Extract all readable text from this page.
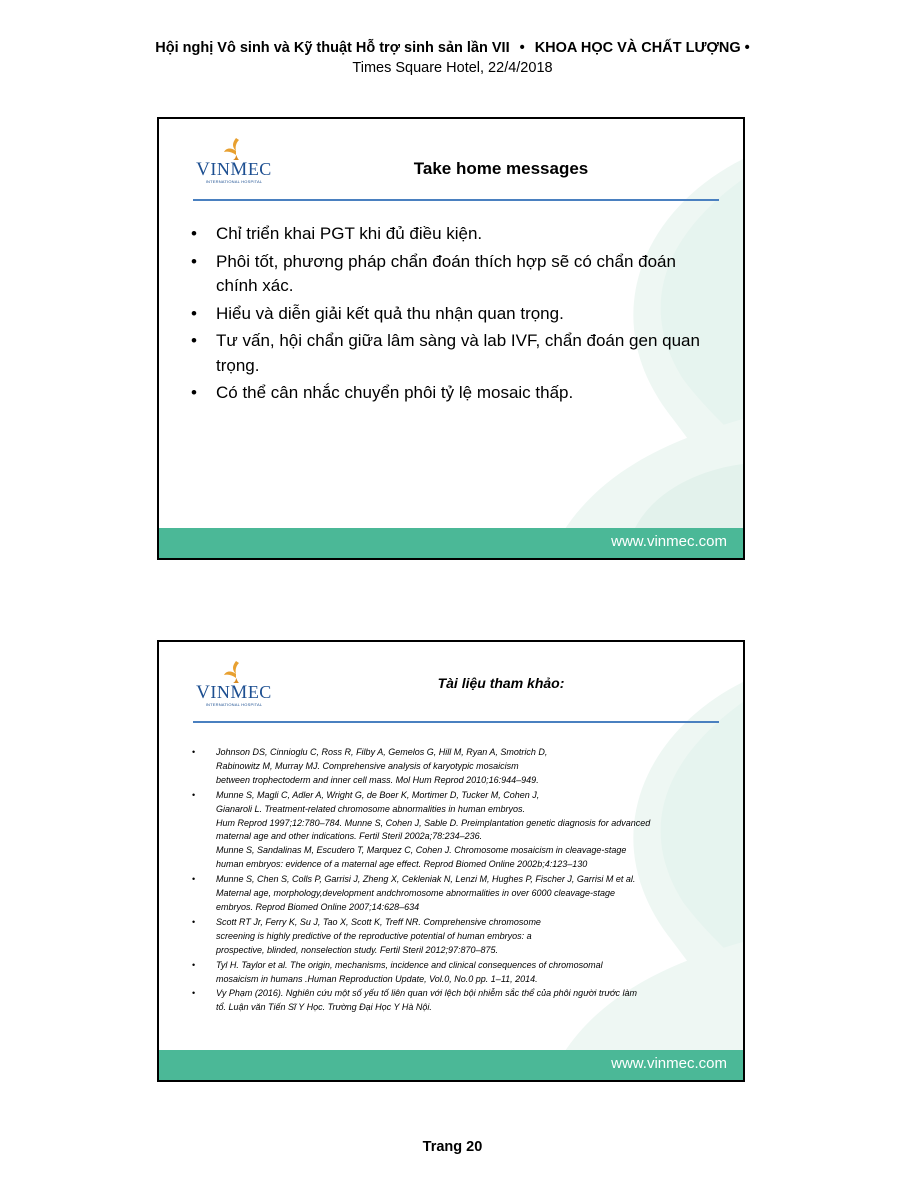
Hội nghị Vô sinh và Kỹ thuật Hỗ trợ sinh sản lần VII • KHOA HỌC VÀ CHẤT LƯỢNG •
Times Square Hotel, 22/4/2018
VINMEC
INTERNATIONAL HOSPITAL
Take home messages
• Chỉ triển khai PGT khi đủ điều kiện.
• Phôi tốt, phương pháp chẩn đoán thích hợp sẽ có chẩn đoán chính xác.
• Hiểu và diễn giải kết quả thu nhận quan trọng.
• Tư vấn, hội chẩn giữa lâm sàng và lab IVF, chẩn đoán gen quan trọng.
• Có thể cân nhắc chuyển phôi tỷ lệ mosaic thấp.
www.vinmec.com
VINMEC
INTERNATIONAL HOSPITAL
Tài liệu tham khảo:
• Johnson DS, Cinnioglu C, Ross R, Filby A, Gemelos G, Hill M, Ryan A, Smotrich D,
Rabinowitz M, Murray MJ. Comprehensive analysis of karyotypic mosaicism
between trophectoderm and inner cell mass. Mol Hum Reprod 2010;16:944–949.
• Munne S, Magli C, Adler A, Wright G, de Boer K, Mortimer D, Tucker M, Cohen J,
Gianaroli L. Treatment-related chromosome abnormalities in human embryos.
Hum Reprod 1997;12:780–784. Munne S, Cohen J, Sable D. Preimplantation genetic diagnosis for advanced
maternal age and other indications. Fertil Steril 2002a;78:234–236.
Munne S, Sandalinas M, Escudero T, Marquez C, Cohen J. Chromosome mosaicism in cleavage-stage
human embryos: evidence of a maternal age effect. Reprod Biomed Online 2002b;4:123–130
• Munne S, Chen S, Colls P, Garrisi J, Zheng X, Cekleniak N, Lenzi M, Hughes P, Fischer J, Garrisi M et al.
Maternal age, morphology,development andchromosome abnormalities in over 6000 cleavage-stage
embryos. Reprod Biomed Online 2007;14:628–634
• Scott RT Jr, Ferry K, Su J, Tao X, Scott K, Treff NR. Comprehensive chromosome
screening is highly predictive of the reproductive potential of human embryos: a
prospective, blinded, nonselection study. Fertil Steril 2012;97:870–875.
• Tyl H. Taylor et al. The origin, mechanisms, incidence and clinical consequences of chromosomal
mosaicism in humans .Human Reproduction Update, Vol.0, No.0 pp. 1–11, 2014.
• Vy Phạm (2016). Nghiên cứu một số yếu tố liên quan với lệch bội nhiễm sắc thể của phôi người trước làm
tổ. Luận văn Tiến Sĩ Y Học. Trường Đại Học Y Hà Nội.
www.vinmec.com
Trang 20
